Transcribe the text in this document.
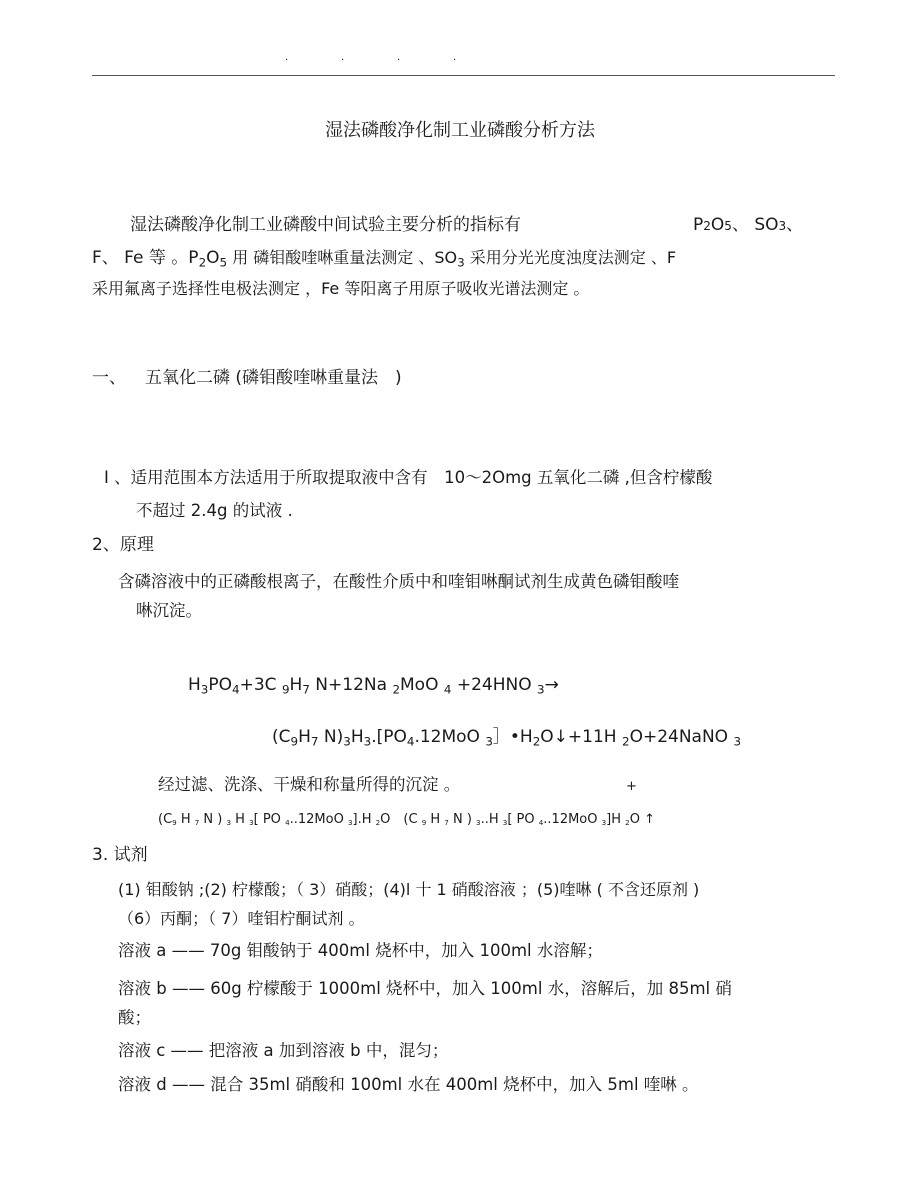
.	.	.	.
湿法磷酸净化制工业磷酸分析方法
湿法磷酸净化制工业磷酸中间试验主要分析的指标有	P2O5、 SO3、
F、 Fe 等 。$P_2O_5$ 用 磷钼酸喹啉重量法测定 、$SO_3$ 采用分光光度浊度法测定 、F
采用氟离子选择性电极法测定 ，Fe 等阳离子用原子吸收光谱法测定 。
一、 五氧化二磷 (磷钼酸喹啉重量法　)
I 、适用范围本方法适用于所取提取液中含有　10～2Omg 五氧化二磷 ,但含柠檬酸
不超过 2.4g 的试液 .
2、原理
含磷溶液中的正磷酸根离子，在酸性介质中和喹钼啉酮试剂生成黄色磷钼酸喹
啉沉淀。
$H_3PO_4+3C$ $_9H_7$ N+12Na $_2$MoO $_4$ +24HNO $_3$→
($C_9H_7$ $N)_3H_3.[PO_4.12MoO$ $_3]•H_2O↓+11H$ $_2$O+24NaNO $_3$
经过滤、洗涤、干燥和称量所得的沉淀 。	+
($C_9$ H $_7$ N ) $_3$ H $_3$[ PO $_4$..12MoO $_3$].H $_2$O　(C $_9$ H $_7$ N ) $_3$..H $_3$[ PO $_4$..12MoO $_3$]H $_2$O ↑
3. 试剂
(1) 钼酸钠 ;(2) 柠檬酸；（ 3）硝酸；(4)l 十 1 硝酸溶液 ；(5)喹啉 ( 不含还原剂 )
（6）丙酮；（ 7）喹钼柠酮试剂 。
溶液 a —— 70g 钼酸钠于 400ml 烧杯中，加入 100ml 水溶解；
溶液 b —— 60g 柠檬酸于 1000ml 烧杯中，加入 100ml 水，溶解后，加 85ml 硝
酸；
溶液 c —— 把溶液 a 加到溶液 b 中，混匀；
溶液 d —— 混合 35ml 硝酸和 100ml 水在 400ml 烧杯中，加入 5ml 喹啉 。
